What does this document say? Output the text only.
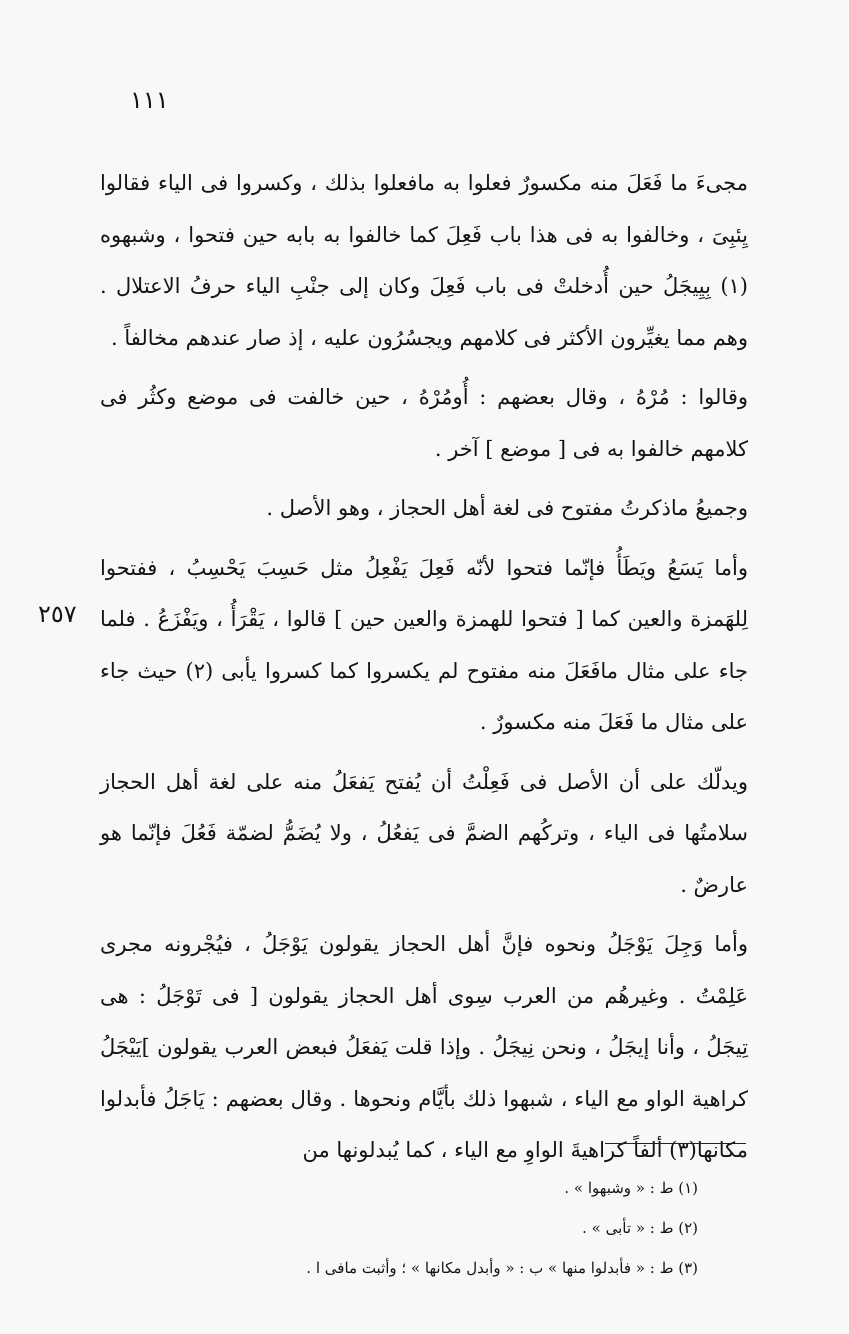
١١١

مجىءَ ما فَعَلَ منه مكسورٌ فعلوا به مافعلوا بذلك ، وكسروا فى الياء فقالوا يِئبِىَ ، وخالفوا به فى هذا باب فَعِلَ كما خالفوا به بابه حين فتحوا ، وشبهوه (١) بِيِيجَلُ حين أُدخلتْ فى باب فَعِلَ وكان إلى جنْبِ الياء حرفُ الاعتلال . وهم مما يغيِّرون الأكثر فى كلامهم ويجسُرُون عليه ، إذ صار عندهم مخالفاً .

وقالوا : مُرْهُ ، وقال بعضهم : أُومُرْهُ ، حين خالفت فى موضع وكثُر فى كلامهم خالفوا به فى [ موضع ] آخر .

وجميعُ ماذكرتُ مفتوح فى لغة أهل الحجاز ، وهو الأصل .

وأما يَسَعُ ويَطَأُ فإنّما فتحوا لأنّه فَعِلَ يَفْعِلُ مثل حَسِبَ يَحْسِبُ ، ففتحوا لِلهَمزة والعين كما [ فتحوا للهمزة والعين حين ] قالوا ، يَقْرَأُ ، ويَفْزَعُ . فلما جاء على مثال مافَعَلَ منه مفتوح لم يكسروا كما كسروا يأبى (٢) حيث جاء على مثال ما فَعَلَ منه مكسورٌ .

ويدلّك على أن الأصل فى فَعِلْتُ أن يُفتح يَفعَلُ منه على لغة أهل الحجاز سلامتُها فى الياء ، وتركُهم الضمَّ فى يَفعُلُ ، ولا يُضَمُّ لضمّة فَعُلَ فإنّما هو عارضٌ .

وأما وَجِلَ يَوْجَلُ ونحوه فإنَّ أهل الحجاز يقولون يَوْجَلُ ، فيُجْرونه مجرى عَلِمْتُ . وغيرهُم من العرب سِوى أهل الحجاز يقولون [ فى تَوْجَلُ : هى تِيجَلُ ، وأنا إيجَلُ ، ونحن نِيجَلُ . وإذا قلت يَفعَلُ فبعض العرب يقولون ]يَيْجَلُ كراهية الواو مع الياء ، شبهوا ذلك بأيَّام ونحوها . وقال بعضهم : يَاجَلُ فأبدلوا مكانها(٣) ألفاً كراهيةَ الواوِ مع الياء ، كما يُبدلونها من

٢٥٧
(١) ط : « وشبهوا » .
(٢) ط : « تأبى » .
(٣) ط : « فأبدلوا منها » ب : « وأبدل مكانها » ؛ وأثبت مافى ا .
